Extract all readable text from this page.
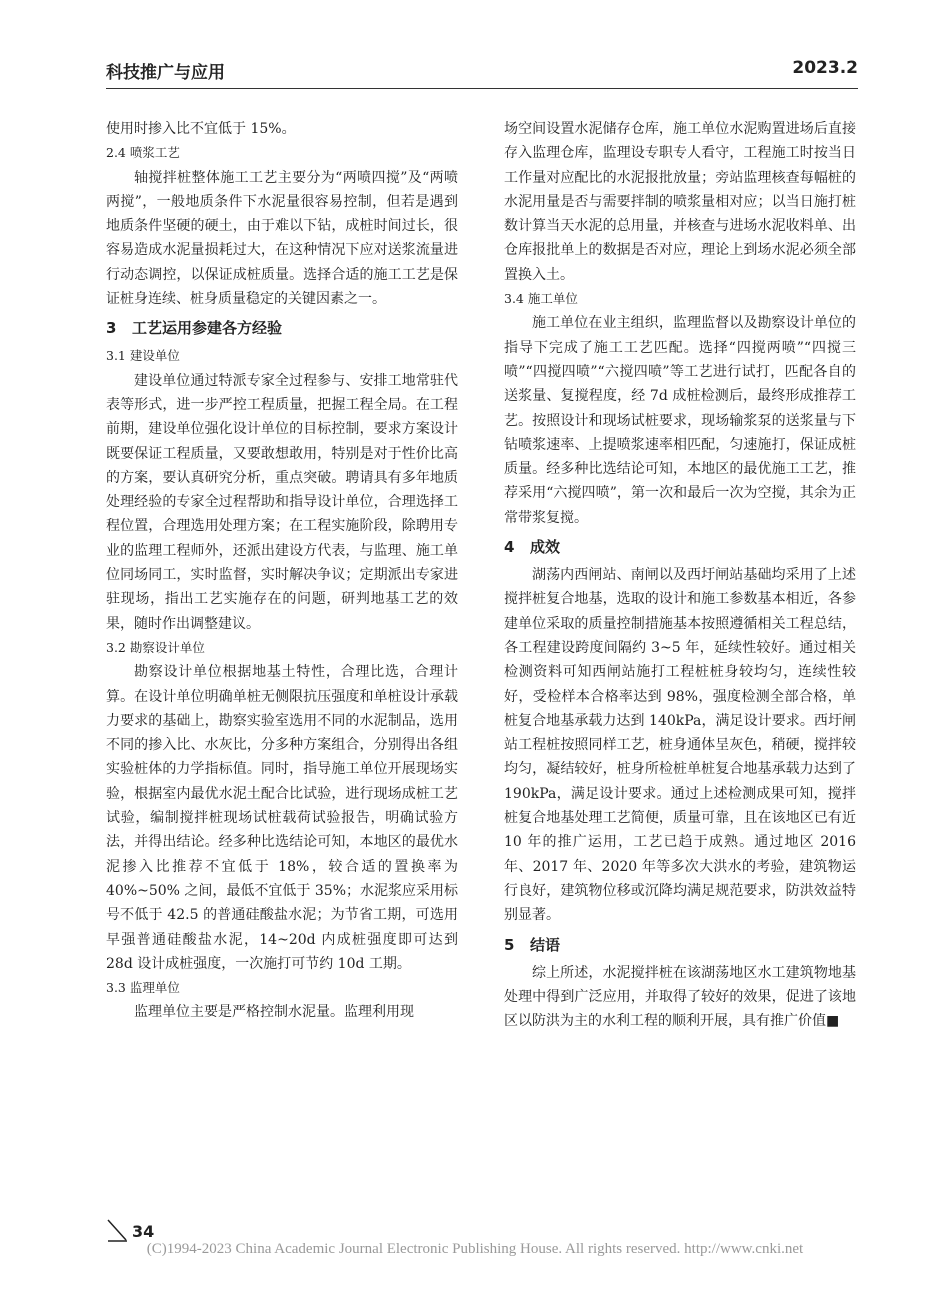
科技推广与应用	2023.2

使用时掺入比不宜低于 15%。

2.4 喷浆工艺

轴搅拌桩整体施工工艺主要分为“两喷四搅”及“两喷两搅”，一般地质条件下水泥量很容易控制，但若是遇到地质条件坚硬的硬土，由于难以下钻，成桩时间过长，很容易造成水泥量损耗过大，在这种情况下应对送浆流量进行动态调控，以保证成桩质量。选择合适的施工工艺是保证桩身连续、桩身质量稳定的关键因素之一。

3 工艺运用参建各方经验
3.1 建设单位

建设单位通过特派专家全过程参与、安排工地常驻代表等形式，进一步严控工程质量，把握工程全局。在工程前期，建设单位强化设计单位的目标控制，要求方案设计既要保证工程质量，又要敢想敢用，特别是对于性价比高的方案，要认真研究分析，重点突破。聘请具有多年地质处理经验的专家全过程帮助和指导设计单位，合理选择工程位置，合理选用处理方案；在工程实施阶段，除聘用专业的监理工程师外，还派出建设方代表，与监理、施工单位同场同工，实时监督，实时解决争议；定期派出专家进驻现场，指出工艺实施存在的问题，研判地基工艺的效果，随时作出调整建议。

3.2 勘察设计单位

勘察设计单位根据地基土特性，合理比选，合理计算。在设计单位明确单桩无侧限抗压强度和单桩设计承载力要求的基础上，勘察实验室选用不同的水泥制品，选用不同的掺入比、水灰比，分多种方案组合，分别得出各组实验桩体的力学指标值。同时，指导施工单位开展现场实验，根据室内最优水泥土配合比试验，进行现场成桩工艺试验，编制搅拌桩现场试桩载荷试验报告，明确试验方法，并得出结论。经多种比选结论可知，本地区的最优水泥掺入比推荐不宜低于 18%，较合适的置换率为 40%~50% 之间，最低不宜低于 35%；水泥浆应采用标号不低于 42.5 的普通硅酸盐水泥；为节省工期，可选用早强普通硅酸盐水泥，14~20d 内成桩强度即可达到 28d 设计成桩强度，一次施打可节约 10d 工期。

3.3 监理单位

监理单位主要是严格控制水泥量。监理利用现

场空间设置水泥储存仓库，施工单位水泥购置进场后直接存入监理仓库，监理设专职专人看守，工程施工时按当日工作量对应配比的水泥报批放量；旁站监理核查每幅桩的水泥用量是否与需要拌制的喷浆量相对应；以当日施打桩数计算当天水泥的总用量，并核查与进场水泥收料单、出仓库报批单上的数据是否对应，理论上到场水泥必须全部置换入土。

3.4 施工单位

施工单位在业主组织，监理监督以及勘察设计单位的指导下完成了施工工艺匹配。选择“四搅两喷”“四搅三喷”“四搅四喷”“六搅四喷”等工艺进行试打，匹配各自的送浆量、复搅程度，经 7d 成桩检测后，最终形成推荐工艺。按照设计和现场试桩要求，现场输浆泵的送浆量与下钻喷浆速率、上提喷浆速率相匹配，匀速施打，保证成桩质量。经多种比选结论可知，本地区的最优施工工艺，推荐采用“六搅四喷”，第一次和最后一次为空搅，其余为正常带浆复搅。

4 成效

湖荡内西闸站、南闸以及西圩闸站基础均采用了上述搅拌桩复合地基，选取的设计和施工参数基本相近，各参建单位采取的质量控制措施基本按照遵循相关工程总结，各工程建设跨度间隔约 3~5 年，延续性较好。通过相关检测资料可知西闸站施打工程桩桩身较均匀，连续性较好，受检样本合格率达到 98%，强度检测全部合格，单桩复合地基承载力达到 140kPa，满足设计要求。西圩闸站工程桩按照同样工艺，桩身通体呈灰色，稍硬，搅拌较均匀，凝结较好，桩身所检桩单桩复合地基承载力达到了 190kPa，满足设计要求。通过上述检测成果可知，搅拌桩复合地基处理工艺简便，质量可靠，且在该地区已有近 10 年的推广运用，工艺已趋于成熟。通过地区 2016 年、2017 年、2020 年等多次大洪水的考验，建筑物运行良好，建筑物位移或沉降均满足规范要求，防洪效益特别显著。

5 结语

综上所述，水泥搅拌桩在该湖荡地区水工建筑物地基处理中得到广泛应用，并取得了较好的效果，促进了该地区以防洪为主的水利工程的顺利开展，具有推广价值■

34
(C)1994-2023 China Academic Journal Electronic Publishing House. All rights reserved. http://www.cnki.net
